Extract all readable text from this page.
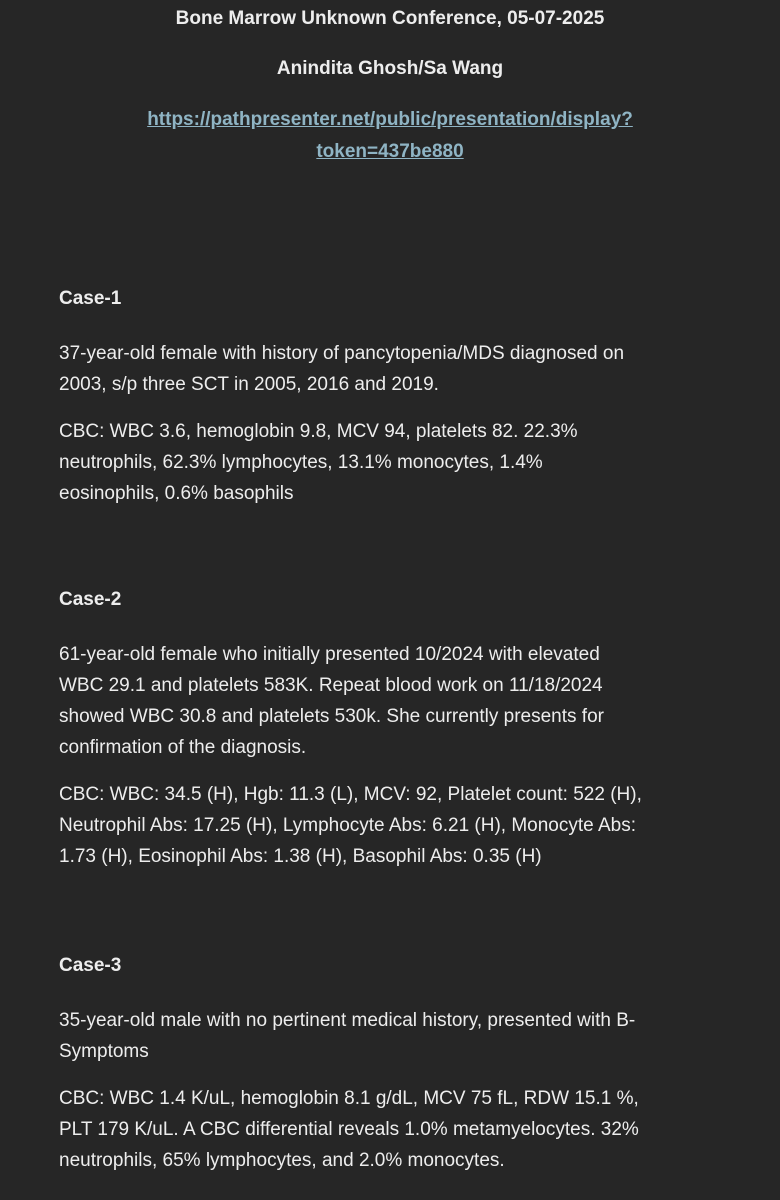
Bone Marrow Unknown Conference, 05-07-2025
Anindita Ghosh/Sa Wang
https://pathpresenter.net/public/presentation/display?
token=437be880

Case-1

37-year-old female with history of pancytopenia/MDS diagnosed on
2003, s/p three SCT in 2005, 2016 and 2019.

CBC: WBC 3.6, hemoglobin 9.8, MCV 94, platelets 82. 22.3%
neutrophils, 62.3% lymphocytes, 13.1% monocytes, 1.4%
eosinophils, 0.6% basophils

Case-2

61-year-old female who initially presented 10/2024 with elevated
WBC 29.1 and platelets 583K. Repeat blood work on 11/18/2024
showed WBC 30.8 and platelets 530k. She currently presents for
confirmation of the diagnosis.

CBC: WBC: 34.5 (H), Hgb: 11.3 (L), MCV: 92, Platelet count: 522 (H),
Neutrophil Abs: 17.25 (H), Lymphocyte Abs: 6.21 (H), Monocyte Abs:
1.73 (H), Eosinophil Abs: 1.38 (H), Basophil Abs: 0.35 (H)

Case-3

35-year-old male with no pertinent medical history, presented with B-
Symptoms

CBC: WBC 1.4 K/uL, hemoglobin 8.1 g/dL, MCV 75 fL, RDW 15.1 %,
PLT 179 K/uL. A CBC differential reveals 1.0% metamyelocytes. 32%
neutrophils, 65% lymphocytes, and 2.0% monocytes.
